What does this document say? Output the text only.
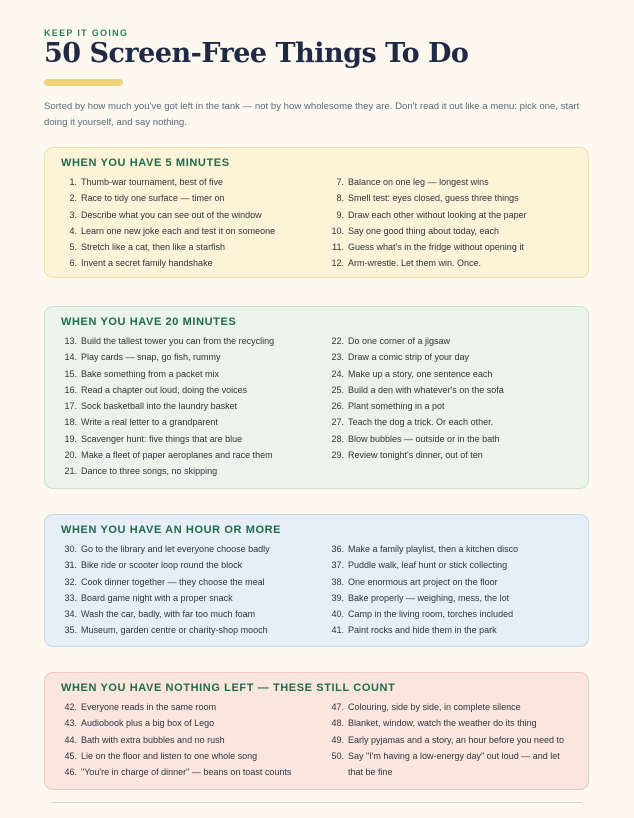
KEEP IT GOING
50 Screen-Free Things To Do

Sorted by how much you've got left in the tank — not by how wholesome they are. Don't read it out like a menu: pick one, start doing it yourself, and say nothing.

WHEN YOU HAVE 5 MINUTES
1. Thumb-war tournament, best of five
2. Race to tidy one surface — timer on
3. Describe what you can see out of the window
4. Learn one new joke each and test it on someone
5. Stretch like a cat, then like a starfish
6. Invent a secret family handshake
7. Balance on one leg — longest wins
8. Smell test: eyes closed, guess three things
9. Draw each other without looking at the paper
10. Say one good thing about today, each
11. Guess what's in the fridge without opening it
12. Arm-wrestle. Let them win. Once.
WHEN YOU HAVE 20 MINUTES
13. Build the tallest tower you can from the recycling
14. Play cards — snap, go fish, rummy
15. Bake something from a packet mix
16. Read a chapter out loud, doing the voices
17. Sock basketball into the laundry basket
18. Write a real letter to a grandparent
19. Scavenger hunt: five things that are blue
20. Make a fleet of paper aeroplanes and race them
21. Dance to three songs, no skipping
22. Do one corner of a jigsaw
23. Draw a comic strip of your day
24. Make up a story, one sentence each
25. Build a den with whatever's on the sofa
26. Plant something in a pot
27. Teach the dog a trick. Or each other.
28. Blow bubbles — outside or in the bath
29. Review tonight's dinner, out of ten
WHEN YOU HAVE AN HOUR OR MORE
30. Go to the library and let everyone choose badly
31. Bike ride or scooter loop round the block
32. Cook dinner together — they choose the meal
33. Board game night with a proper snack
34. Wash the car, badly, with far too much foam
35. Museum, garden centre or charity-shop mooch
36. Make a family playlist, then a kitchen disco
37. Puddle walk, leaf hunt or stick collecting
38. One enormous art project on the floor
39. Bake properly — weighing, mess, the lot
40. Camp in the living room, torches included
41. Paint rocks and hide them in the park
WHEN YOU HAVE NOTHING LEFT — THESE STILL COUNT
42. Everyone reads in the same room
43. Audiobook plus a big box of Lego
44. Bath with extra bubbles and no rush
45. Lie on the floor and listen to one whole song
46. "You're in charge of dinner" — beans on toast counts
47. Colouring, side by side, in complete silence
48. Blanket, window, watch the weather do its thing
49. Early pyjamas and a story, an hour before you need to
50. Say "I'm having a low-energy day" out loud — and let that be fine
